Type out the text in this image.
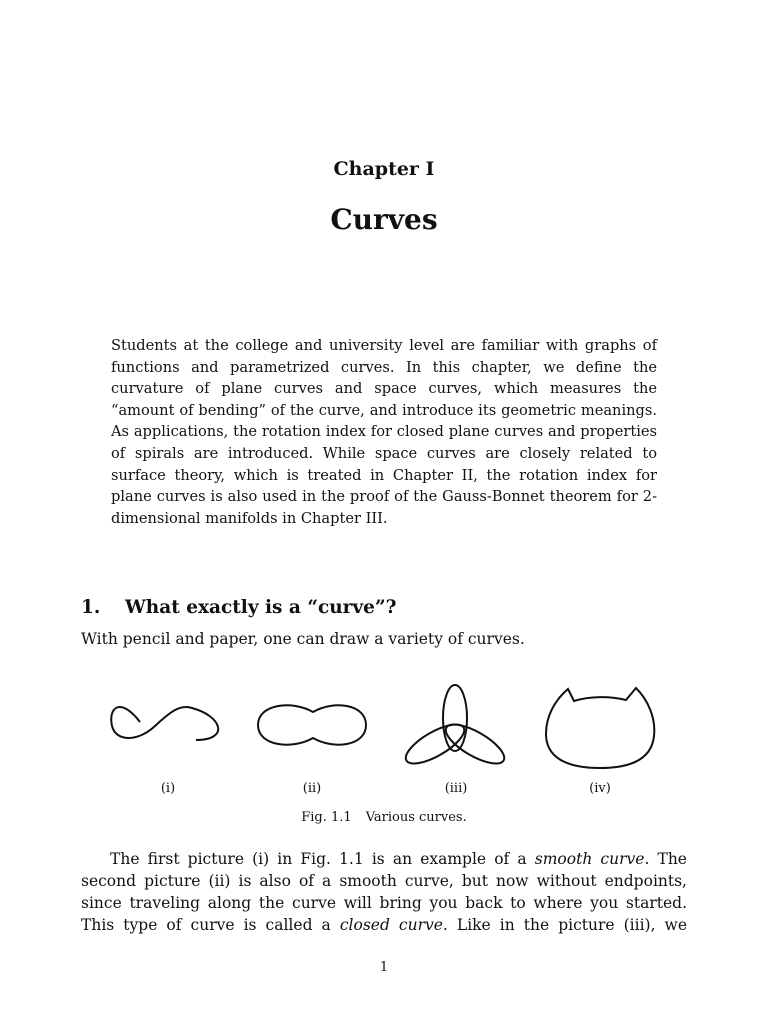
Chapter I
Curves

Students at the college and university level are familiar with graphs of functions and parametrized curves. In this chapter, we define the curvature of plane curves and space curves, which measures the “amount of bending” of the curve, and introduce its geometric meanings. As applications, the rotation index for closed plane curves and properties of spirals are introduced. While space curves are closely related to surface theory, which is treated in Chapter II, the rotation index for plane curves is also used in the proof of the Gauss-Bonnet theorem for 2-dimensional manifolds in Chapter III.

1. What exactly is a “curve”?

With pencil and paper, one can draw a variety of curves.

(i)	(ii)	(iii)	(iv)

Fig. 1.1 Various curves.

The first picture (i) in Fig. 1.1 is an example of a smooth curve. The
second picture (ii) is also of a smooth curve, but now without endpoints,
since traveling along the curve will bring you back to where you started.
This type of curve is called a closed curve. Like in the picture (iii), we

1
